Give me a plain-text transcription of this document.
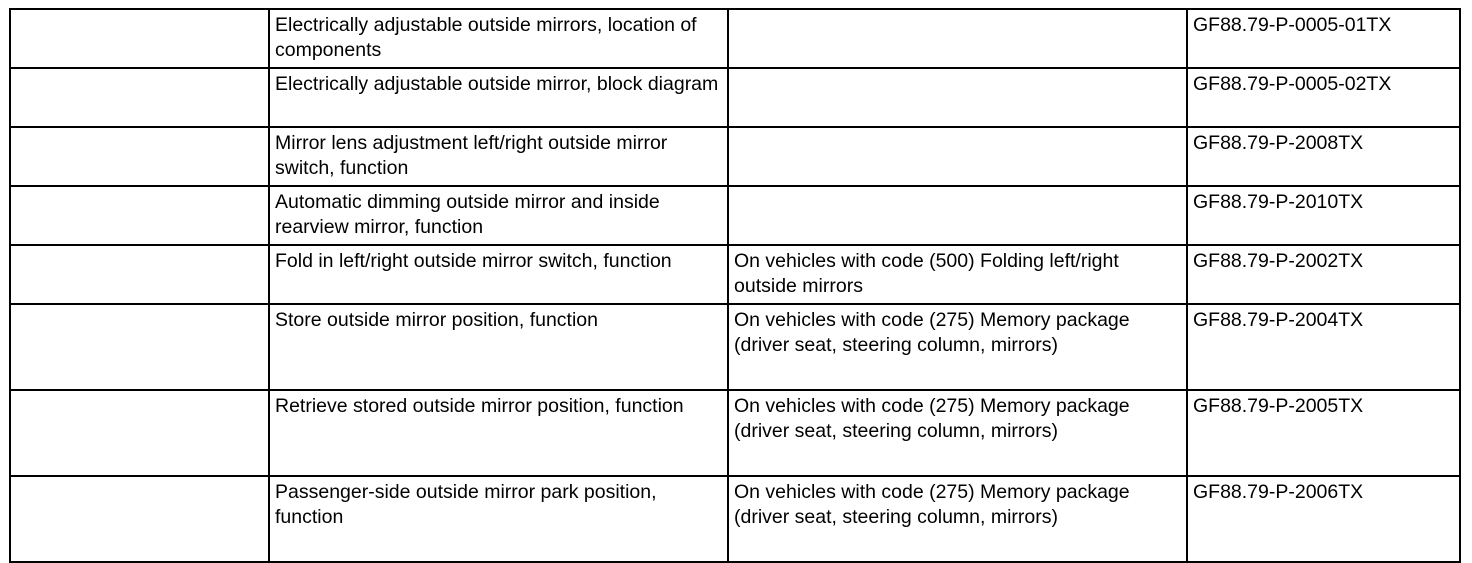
	Electrically adjustable outside mirrors, location of components		GF88.79-P-0005-01TX
	Electrically adjustable outside mirror, block diagram		GF88.79-P-0005-02TX
	Mirror lens adjustment left/right outside mirror switch, function		GF88.79-P-2008TX
	Automatic dimming outside mirror and inside rearview mirror, function		GF88.79-P-2010TX
	Fold in left/right outside mirror switch, function	On vehicles with code (500) Folding left/right outside mirrors	GF88.79-P-2002TX
	Store outside mirror position, function	On vehicles with code (275) Memory package (driver seat, steering column, mirrors)	GF88.79-P-2004TX
	Retrieve stored outside mirror position, function	On vehicles with code (275) Memory package (driver seat, steering column, mirrors)	GF88.79-P-2005TX
	Passenger-side outside mirror park position, function	On vehicles with code (275) Memory package (driver seat, steering column, mirrors)	GF88.79-P-2006TX
